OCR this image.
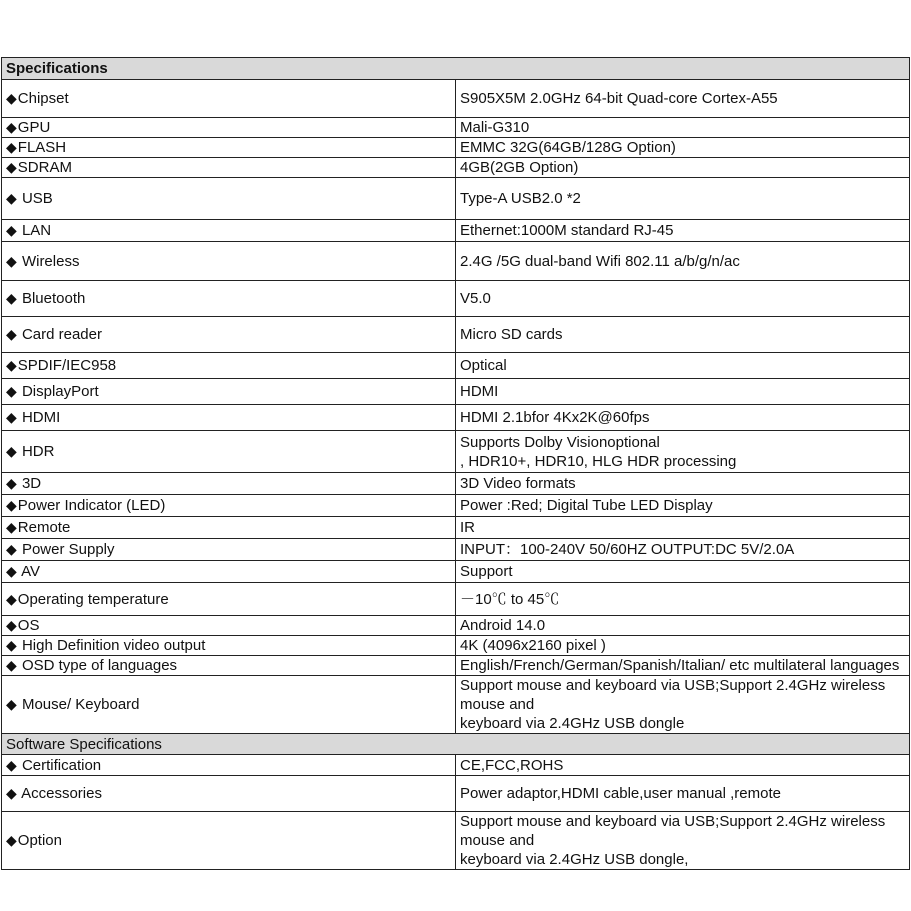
Specifications	
◆Chipset	S905X5M 2.0GHz 64-bit Quad-core Cortex-A55
◆GPU	Mali-G310
◆FLASH	EMMC 32G(64GB/128G Option)
◆SDRAM	4GB(2GB Option)
◆ USB	Type-A USB2.0 *2
◆ LAN	Ethernet:1000M standard RJ-45
◆ Wireless	2.4G /5G dual-band Wifi 802.11 a/b/g/n/ac
◆ Bluetooth	V5.0
◆ Card reader	Micro SD cards
◆SPDIF/IEC958	Optical
◆ DisplayPort	HDMI
◆ HDMI	HDMI 2.1bfor 4Kx2K@60fps
◆ HDR	Supports Dolby Visionoptional
, HDR10+, HDR10, HLG HDR processing

◆ 3D	3D Video formats
◆Power Indicator (LED)	Power :Red; Digital Tube LED Display
◆Remote	IR
◆ Power Supply	INPUT：100-240V 50/60HZ OUTPUT:DC 5V/2.0A
◆ AV	Support
◆Operating temperature	－10℃ to 45℃
◆OS	Android 14.0
◆ High Definition video output	4K (4096x2160 pixel )
◆ OSD type of languages	English/French/German/Spanish/Italian/ etc multilateral languages
◆ Mouse/ Keyboard	Support mouse and keyboard via USB;Support 2.4GHz wireless mouse and
keyboard via 2.4GHz USB dongle

Software Specifications	
◆ Certification	CE,FCC,ROHS
◆ Accessories	Power adaptor,HDMI cable,user manual ,remote
◆Option	Support mouse and keyboard via USB;Support 2.4GHz wireless mouse and
keyboard via 2.4GHz USB dongle,
